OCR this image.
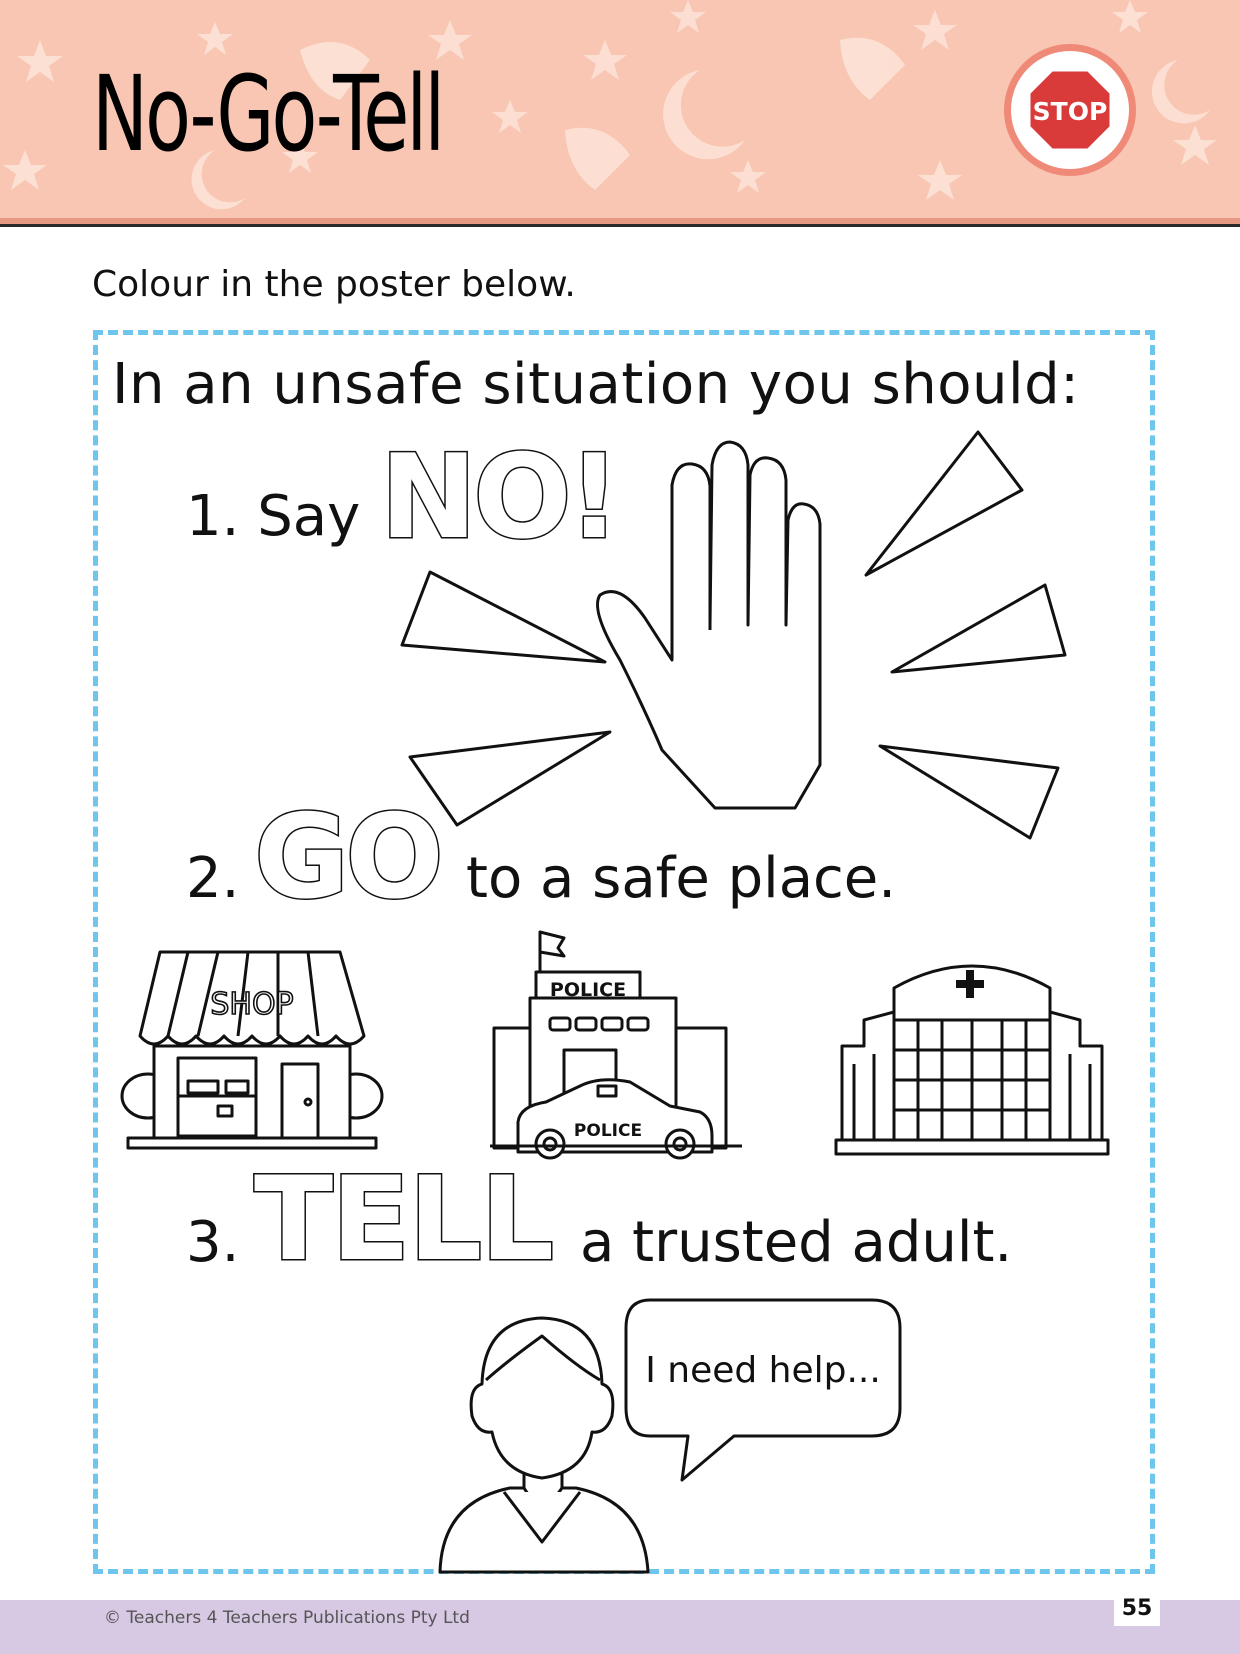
No-Go-Tell	STOP

Colour in the poster below.

In an unsafe situation you should:

1. Say NO!

2. GO to a safe place.

SHOP	POLICE
POLICE

3. TELL a trusted adult.

I need help...
© Teachers 4 Teachers Publications Pty Ltd	55
